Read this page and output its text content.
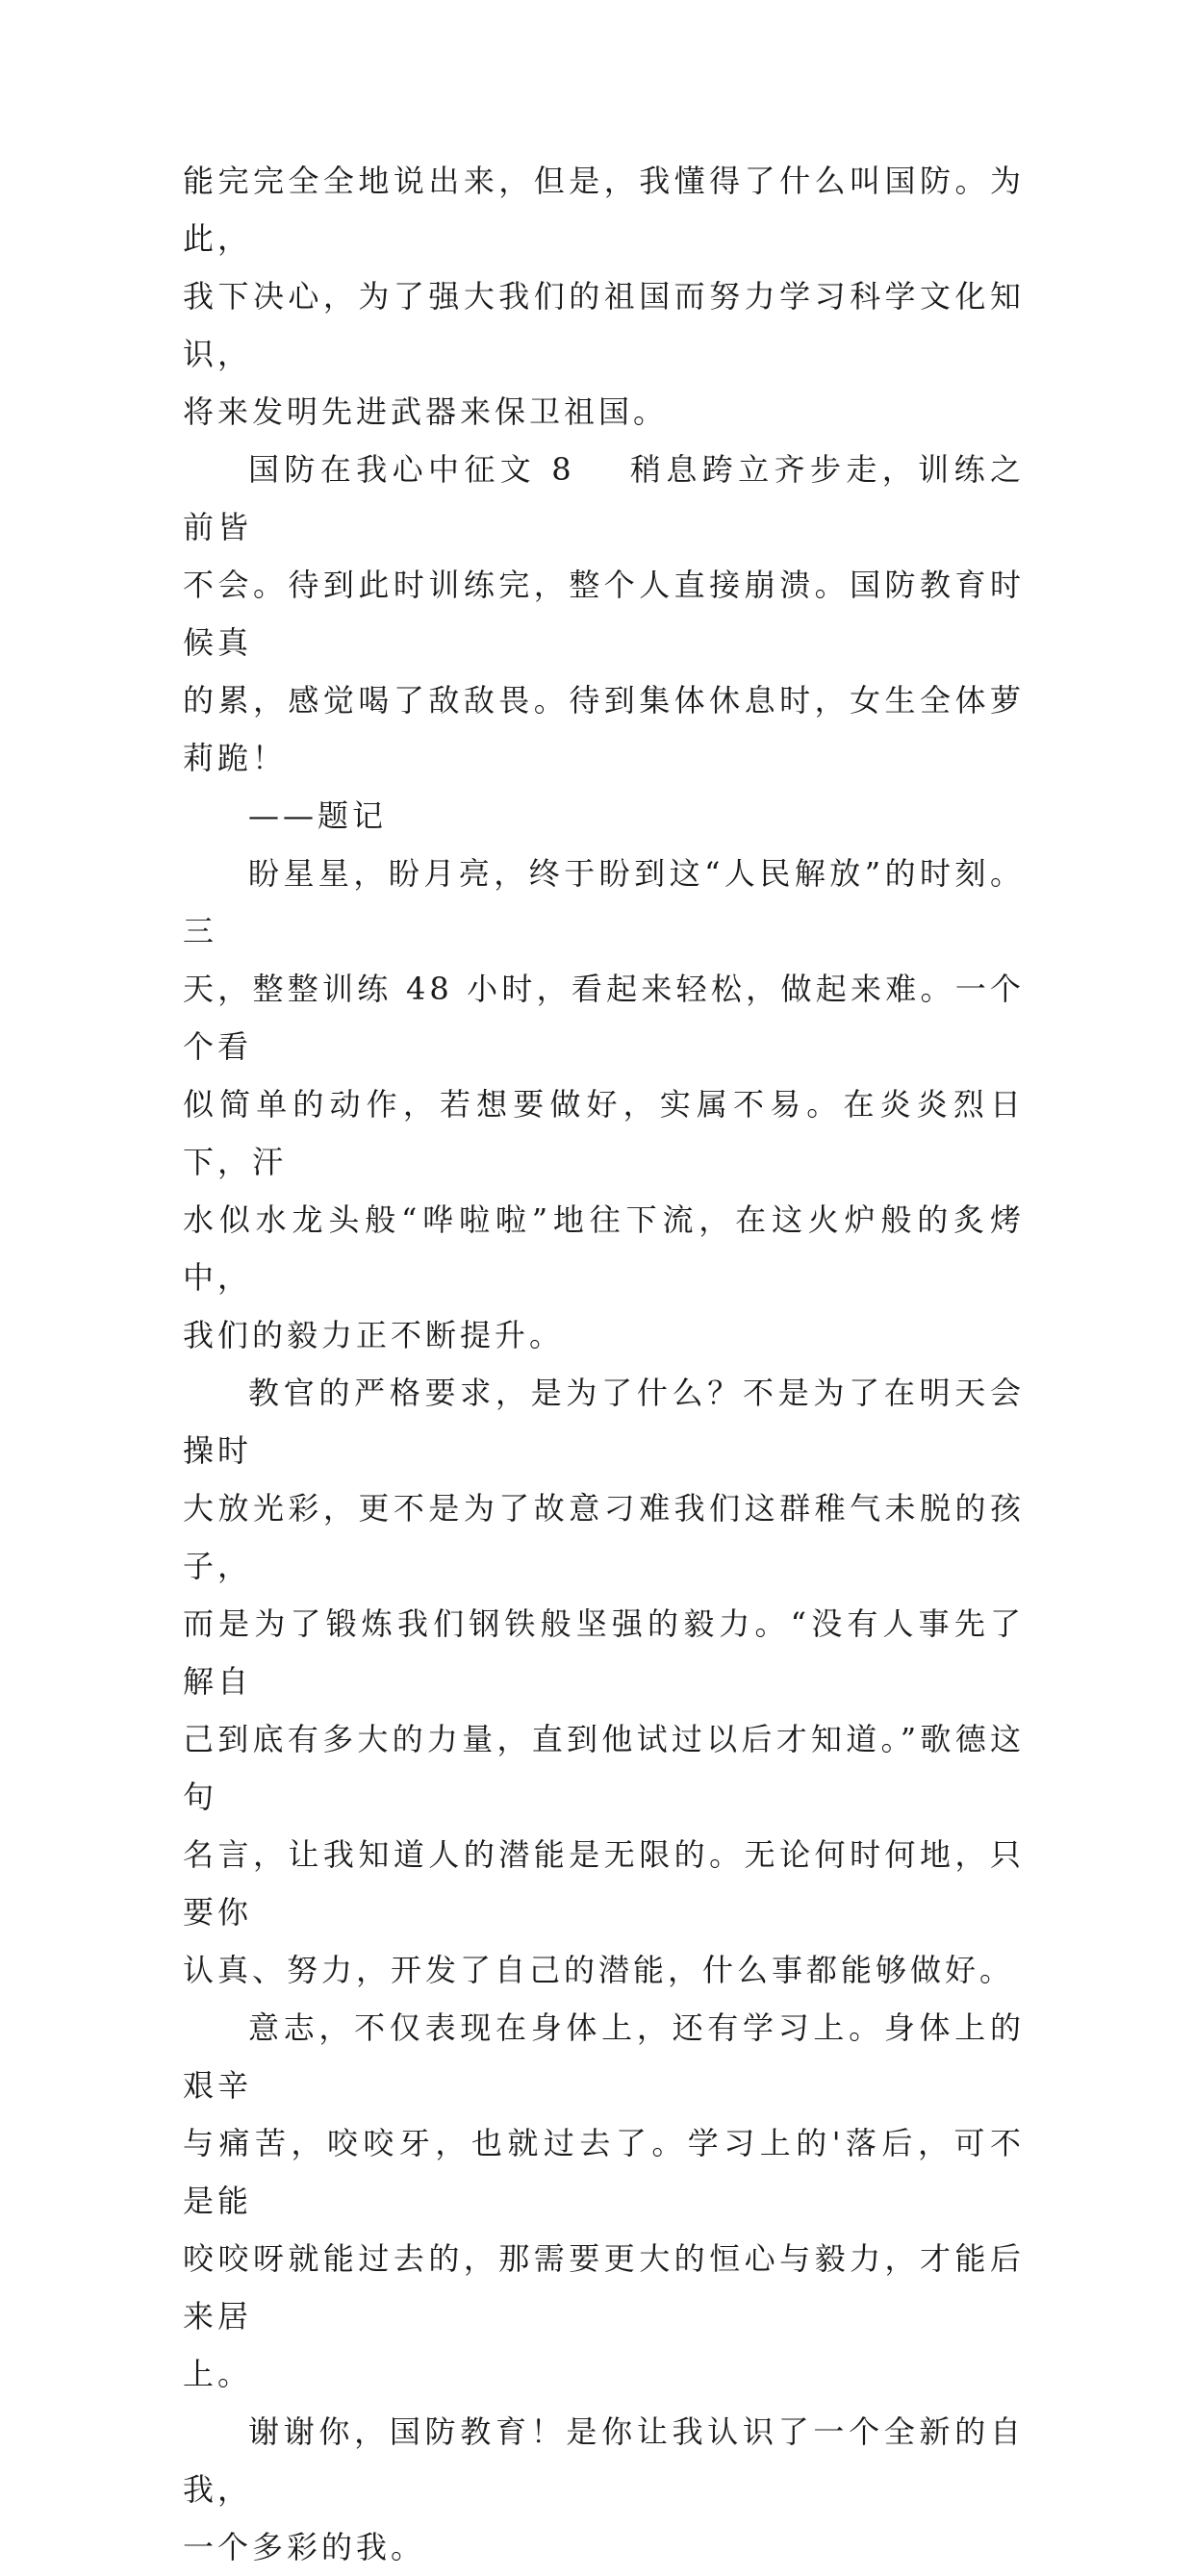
能完完全全地说出来，但是，我懂得了什么叫国防。为此，
我下决心，为了强大我们的祖国而努力学习科学文化知识，
将来发明先进武器来保卫祖国。

国防在我心中征文 8 稍息跨立齐步走，训练之前皆
不会。待到此时训练完，整个人直接崩溃。国防教育时候真
的累，感觉喝了敌敌畏。待到集体休息时，女生全体萝莉跪！

——题记

盼星星，盼月亮，终于盼到这“人民解放”的时刻。三
天，整整训练 48 小时，看起来轻松，做起来难。一个个看
似简单的动作，若想要做好，实属不易。在炎炎烈日下，汗
水似水龙头般“哗啦啦”地往下流，在这火炉般的炙烤中，
我们的毅力正不断提升。

教官的严格要求，是为了什么？不是为了在明天会操时
大放光彩，更不是为了故意刁难我们这群稚气未脱的孩子，
而是为了锻炼我们钢铁般坚强的毅力。“没有人事先了解自
己到底有多大的力量，直到他试过以后才知道。”歌德这句
名言，让我知道人的潜能是无限的。无论何时何地，只要你
认真、努力，开发了自己的潜能，什么事都能够做好。

意志，不仅表现在身体上，还有学习上。身体上的艰辛
与痛苦，咬咬牙，也就过去了。学习上的'落后，可不是能
咬咬呀就能过去的，那需要更大的恒心与毅力，才能后来居
上。

谢谢你，国防教育！是你让我认识了一个全新的自我，
一个多彩的我。
